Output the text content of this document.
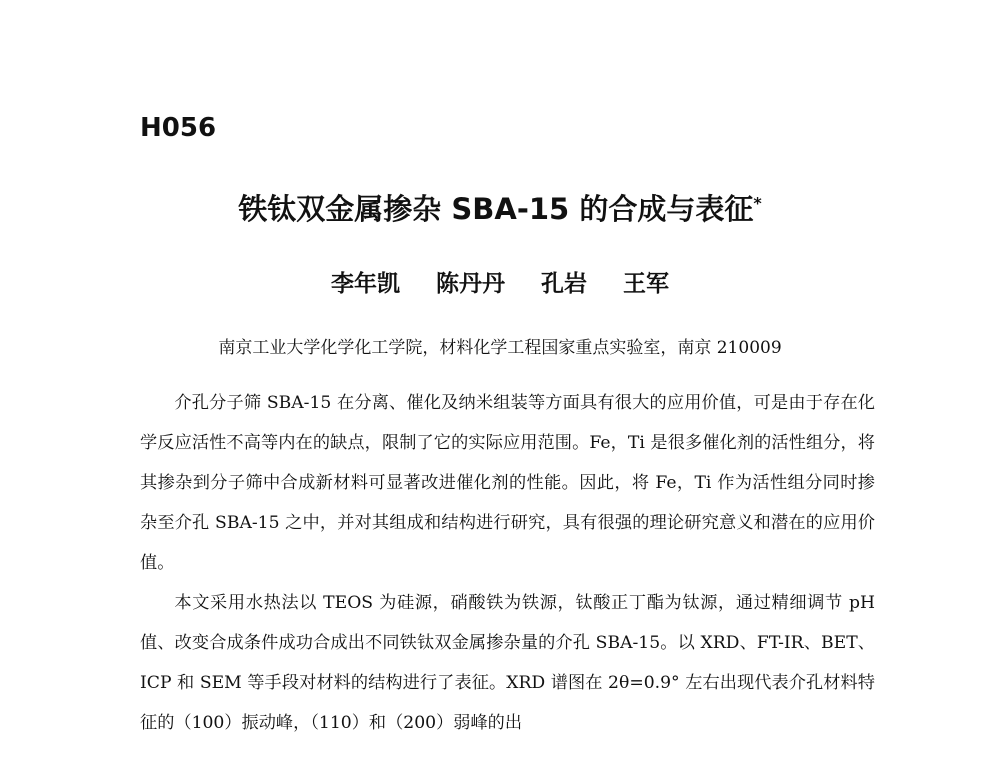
H056
铁钛双金属掺杂 SBA-15 的合成与表征*
李年凯 陈丹丹 孔岩 王军
南京工业大学化学化工学院，材料化学工程国家重点实验室，南京 210009

介孔分子筛 SBA-15 在分离、催化及纳米组装等方面具有很大的应用价值，可是由于存在化学反应活性不高等内在的缺点，限制了它的实际应用范围。Fe，Ti 是很多催化剂的活性组分，将其掺杂到分子筛中合成新材料可显著改进催化剂的性能。因此，将 Fe，Ti 作为活性组分同时掺杂至介孔 SBA-15 之中，并对其组成和结构进行研究，具有很强的理论研究意义和潜在的应用价值。

本文采用水热法以 TEOS 为硅源，硝酸铁为铁源，钛酸正丁酯为钛源，通过精细调节 pH 值、改变合成条件成功合成出不同铁钛双金属掺杂量的介孔 SBA-15。以 XRD、FT-IR、BET、ICP 和 SEM 等手段对材料的结构进行了表征。XRD 谱图在 2θ=0.9° 左右出现代表介孔材料特征的（100）振动峰，（110）和（200）弱峰的出
